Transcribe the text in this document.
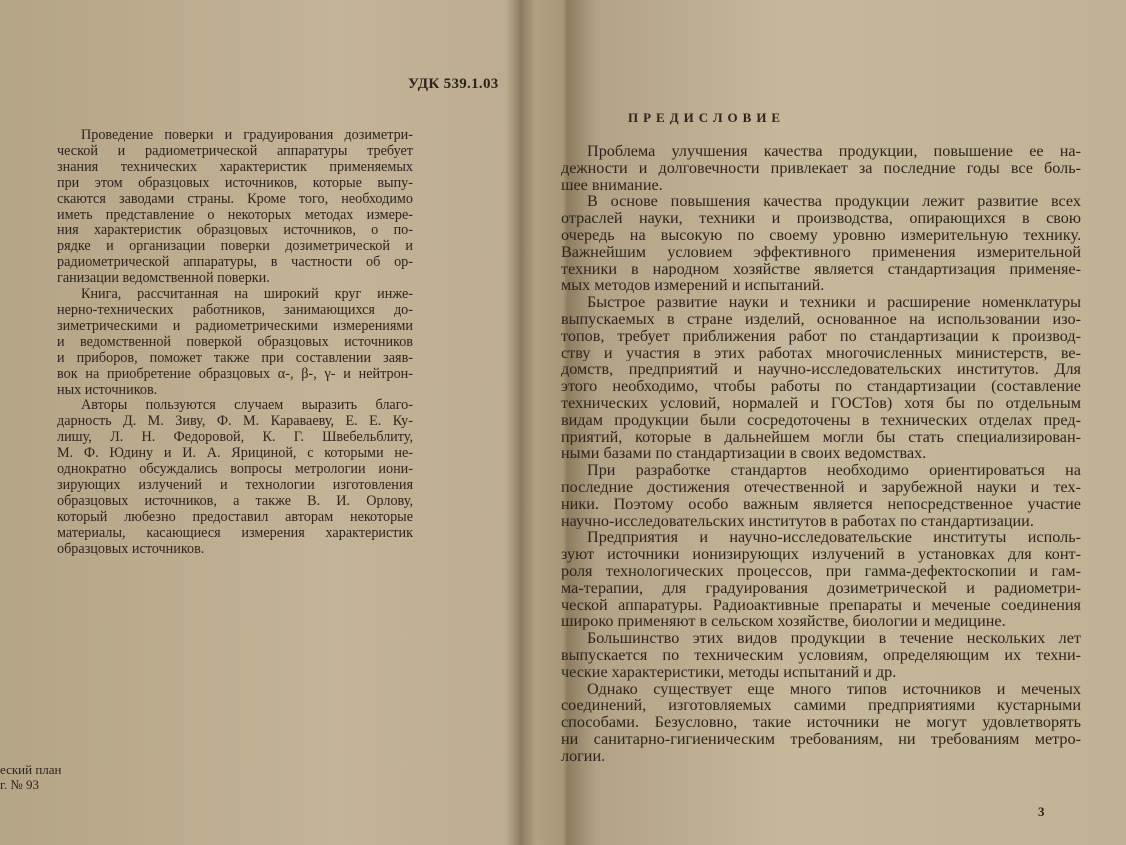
УДК 539.1.03
Проведение поверки и градуирования дозиметри-
ческой и радиометрической аппаратуры требует
знания технических характеристик применяемых
при этом образцовых источников, которые выпу-
скаются заводами страны. Кроме того, необходимо
иметь представление о некоторых методах измере-
ния характеристик образцовых источников, о по-
рядке и организации поверки дозиметрической и
радиометрической аппаратуры, в частности об ор-
ганизации ведомственной поверки.
Книга, рассчитанная на широкий круг инже-
нерно-технических работников, занимающихся до-
зиметрическими и радиометрическими измерениями
и ведомственной поверкой образцовых источников
и приборов, поможет также при составлении заяв-
вок на приобретение образцовых α-, β-, γ- и нейтрон-
ных источников.
Авторы пользуются случаем выразить благо-
дарность Д. М. Зиву, Ф. М. Караваеву, Е. Е. Ку-
лишу, Л. Н. Федоровой, К. Г. Швебельблиту,
М. Ф. Юдину и И. А. Ярициной, с которыми не-
однократно обсуждались вопросы метрологии иони-
зирующих излучений и технологии изготовления
образцовых источников, а также В. И. Орлову,
который любезно предоставил авторам некоторые
материалы, касающиеся измерения характеристик
образцовых источников.
еский план
г. № 93
ПРЕДИСЛОВИЕ
Проблема улучшения качества продукции, повышение ее на-
дежности и долговечности привлекает за последние годы все боль-
шее внимание.
В основе повышения качества продукции лежит развитие всех
отраслей науки, техники и производства, опирающихся в свою
очередь на высокую по своему уровню измерительную технику.
Важнейшим условием эффективного применения измерительной
техники в народном хозяйстве является стандартизация применяе-
мых методов измерений и испытаний.
Быстрое развитие науки и техники и расширение номенклатуры
выпускаемых в стране изделий, основанное на использовании изо-
топов, требует приближения работ по стандартизации к производ-
ству и участия в этих работах многочисленных министерств, ве-
домств, предприятий и научно-исследовательских институтов. Для
этого необходимо, чтобы работы по стандартизации (составление
технических условий, нормалей и ГОСТов) хотя бы по отдельным
видам продукции были сосредоточены в технических отделах пред-
приятий, которые в дальнейшем могли бы стать специализирован-
ными базами по стандартизации в своих ведомствах.
При разработке стандартов необходимо ориентироваться на
последние достижения отечественной и зарубежной науки и тех-
ники. Поэтому особо важным является непосредственное участие
научно-исследовательских институтов в работах по стандартизации.
Предприятия и научно-исследовательские институты исполь-
зуют источники ионизирующих излучений в установках для конт-
роля технологических процессов, при гамма-дефектоскопии и гам-
ма-терапии, для градуирования дозиметрической и радиометри-
ческой аппаратуры. Радиоактивные препараты и меченые соединения
широко применяют в сельском хозяйстве, биологии и медицине.
Большинство этих видов продукции в течение нескольких лет
выпускается по техническим условиям, определяющим их техни-
ческие характеристики, методы испытаний и др.
Однако существует еще много типов источников и меченых
соединений, изготовляемых самими предприятиями кустарными
способами. Безусловно, такие источники не могут удовлетворять
ни санитарно-гигиеническим требованиям, ни требованиям метро-
логии.
3
